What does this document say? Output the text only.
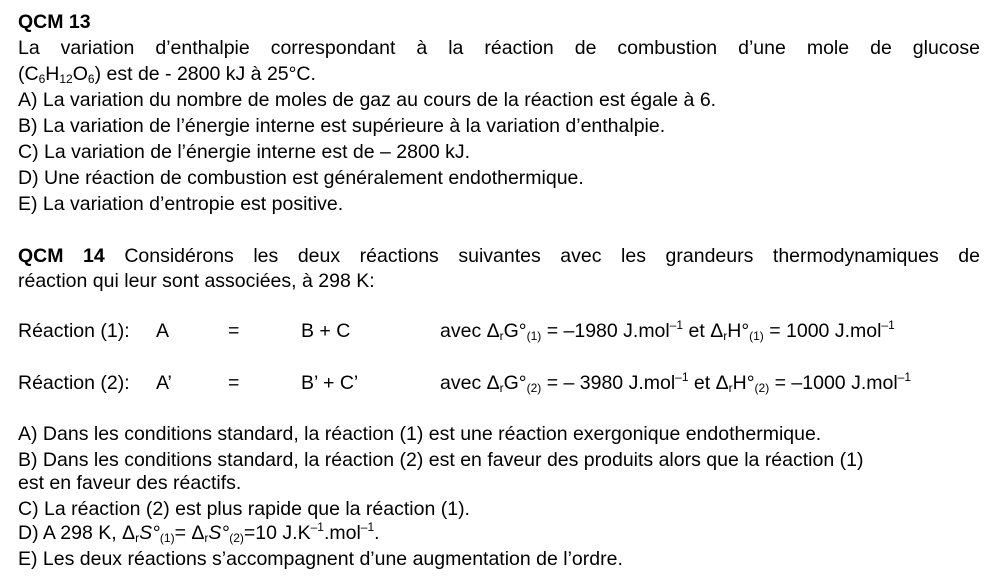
QCM 13
La variation d’enthalpie correspondant à la réaction de combustion d’une mole de glucose
$(C_6H_{12}O_6)$ est de - 2800 kJ à 25°C.
A) La variation du nombre de moles de gaz au cours de la réaction est égale à 6.
B) La variation de l’énergie interne est supérieure à la variation d’enthalpie.
C) La variation de l’énergie interne est de – 2800 kJ.
D) Une réaction de combustion est généralement endothermique.
E) La variation d’entropie est positive.
QCM 14 Considérons les deux réactions suivantes avec les grandeurs thermodynamiques de
réaction qui leur sont associées, à 298 K:
Réaction (1): A	=	B + C	avec $\Delta_rG^\circ_{(1)} = -1980$ J.mol$^{-1}$ et $\Delta_rH^\circ_{(1)} = 1000$ J.mol$^{-1}$
Réaction (2): A’	=	B’ + C’	avec $\Delta_rG^\circ_{(2)}$ = – 3980 J.mol$^{-1}$ et $\Delta_rH^\circ_{(2)} = -1000$ J.mol$^{-1}$
A) Dans les conditions standard, la réaction (1) est une réaction exergonique endothermique.
B) Dans les conditions standard, la réaction (2) est en faveur des produits alors que la réaction (1)
est en faveur des réactifs.
C) La réaction (2) est plus rapide que la réaction (1).
D) A 298 K, $\Delta_rS^\circ_{(1)}= \Delta_rS^\circ_{(2)}=10$ $J.K^{-1}.mol^{-1}$.
E) Les deux réactions s’accompagnent d’une augmentation de l’ordre.
